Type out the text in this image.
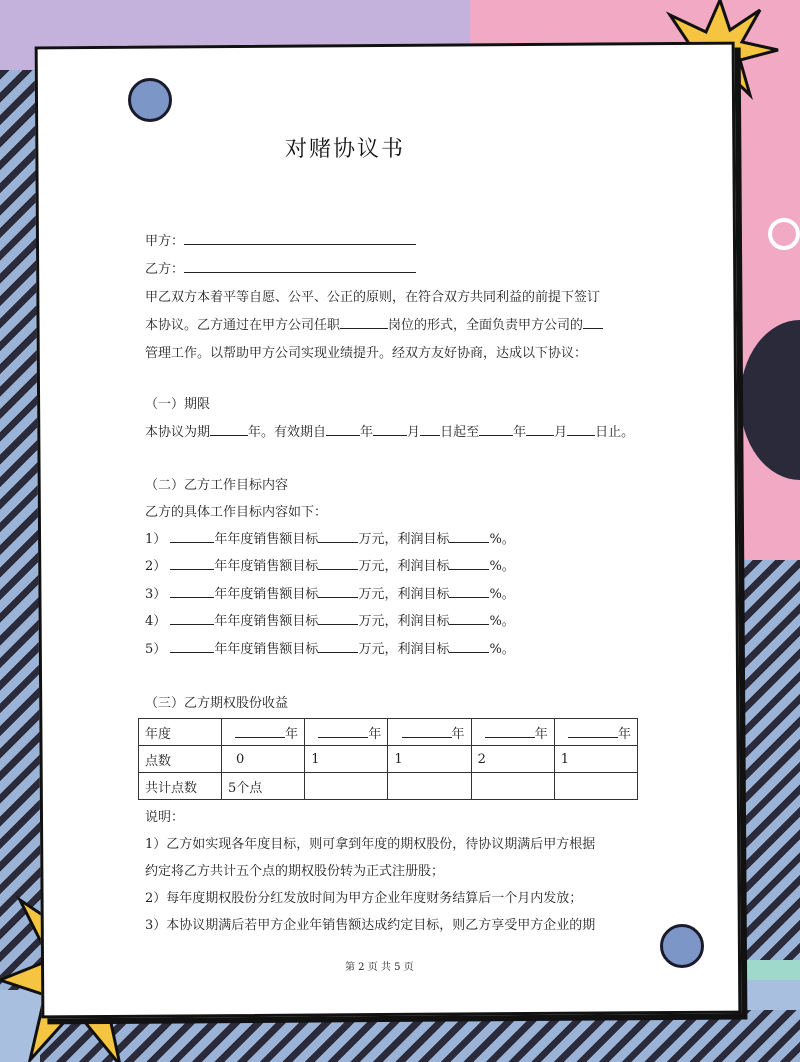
对赌协议书
甲方：
乙方：
甲乙双方本着平等自愿、公平、公正的原则，在符合双方共同利益的前提下签订
本协议。乙方通过在甲方公司任职	岗位的形式，全面负责甲方公司的
管理工作。以帮助甲方公司实现业绩提升。经双方友好协商，达成以下协议：
（一）期限
本协议为期	年。有效期自	年	月 日起至	年 月 日止。
（二）乙方工作目标内容
乙方的具体工作目标内容如下：
1）	年年度销售额目标	万元，利润目标	%。
2）	年年度销售额目标	万元，利润目标	%。
3）	年年度销售额目标	万元，利润目标	%。
4）	年年度销售额目标	万元，利润目标	%。
5）	年年度销售额目标	万元，利润目标	%。
（三）乙方期权股份收益
年度	年	年	年	年	年
点数	0	1	1	2	1
共计点数	5个点				
说明：
1）乙方如实现各年度目标，则可拿到年度的期权股份，待协议期满后甲方根据
约定将乙方共计五个点的期权股份转为正式注册股；
2）每年度期权股份分红发放时间为甲方企业年度财务结算后一个月内发放；
3）本协议期满后若甲方企业年销售额达成约定目标，则乙方享受甲方企业的期
第 2 页 共 5 页
